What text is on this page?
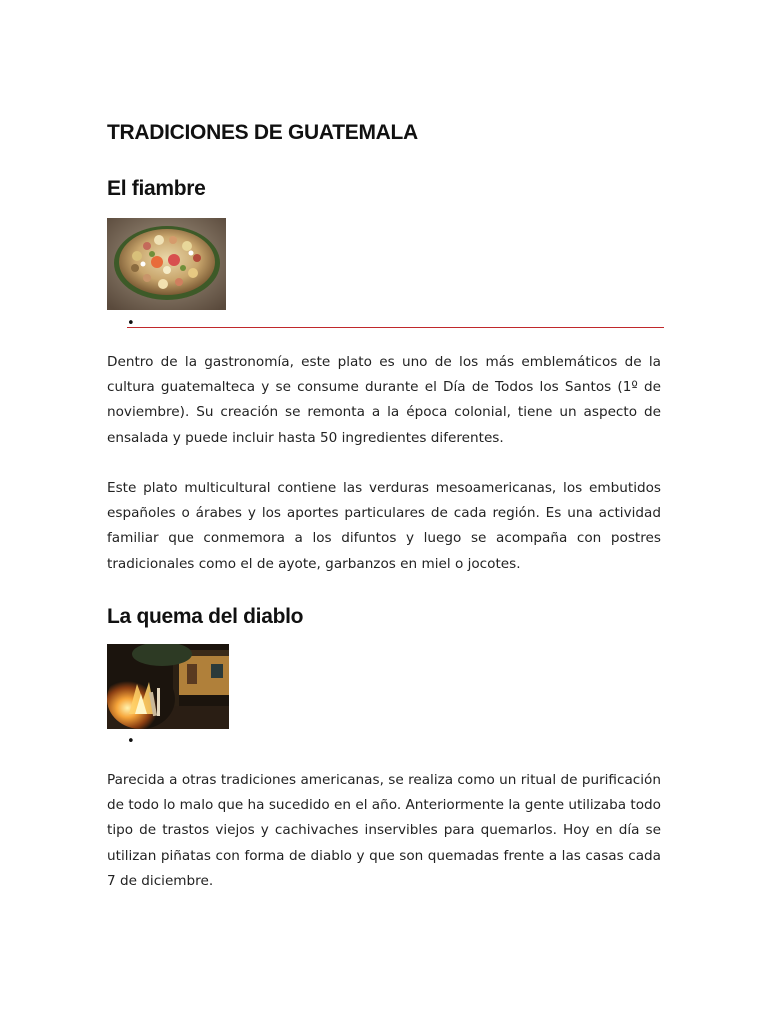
TRADICIONES DE GUATEMALA
El fiambre
•

Dentro de la gastronomía, este plato es uno de los más emblemáticos de la cultura guatemalteca y se consume durante el Día de Todos los Santos (1º de noviembre). Su creación se remonta a la época colonial, tiene un aspecto de ensalada y puede incluir hasta 50 ingredientes diferentes.

Este plato multicultural contiene las verduras mesoamericanas, los embutidos españoles o árabes y los aportes particulares de cada región. Es una actividad familiar que conmemora a los difuntos y luego se acompaña con postres tradicionales como el de ayote, garbanzos en miel o jocotes.

La quema del diablo
•

Parecida a otras tradiciones americanas, se realiza como un ritual de purificación de todo lo malo que ha sucedido en el año. Anteriormente la gente utilizaba todo tipo de trastos viejos y cachivaches inservibles para quemarlos. Hoy en día se utilizan piñatas con forma de diablo y que son quemadas frente a las casas cada 7 de diciembre.
